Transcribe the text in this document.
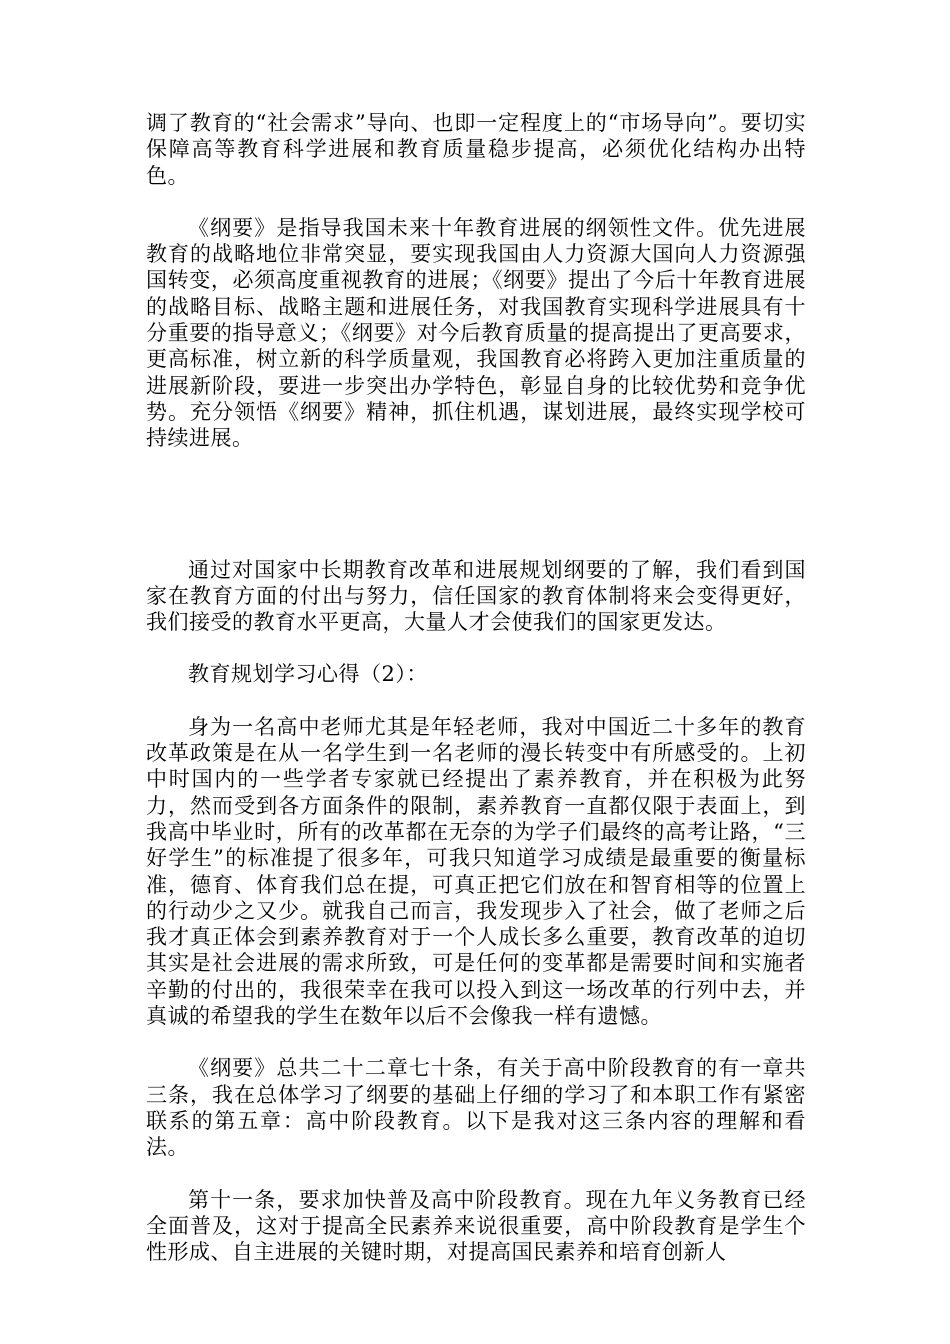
调了教育的“社会需求”导向、也即一定程度上的“市场导向”。要切实保障高等教育科学进展和教育质量稳步提高，必须优化结构办出特色。

《纲要》是指导我国未来十年教育进展的纲领性文件。优先进展教育的战略地位非常突显，要实现我国由人力资源大国向人力资源强国转变，必须高度重视教育的进展；《纲要》提出了今后十年教育进展的战略目标、战略主题和进展任务，对我国教育实现科学进展具有十分重要的指导意义；《纲要》对今后教育质量的提高提出了更高要求，更高标准，树立新的科学质量观，我国教育必将跨入更加注重质量的进展新阶段，要进一步突出办学特色，彰显自身的比较优势和竞争优势。充分领悟《纲要》精神，抓住机遇，谋划进展，最终实现学校可持续进展。

通过对国家中长期教育改革和进展规划纲要的了解，我们看到国家在教育方面的付出与努力，信任国家的教育体制将来会变得更好，我们接受的教育水平更高，大量人才会使我们的国家更发达。

教育规划学习心得（2）：

身为一名高中老师尤其是年轻老师，我对中国近二十多年的教育改革政策是在从一名学生到一名老师的漫长转变中有所感受的。上初中时国内的一些学者专家就已经提出了素养教育，并在积极为此努力，然而受到各方面条件的限制，素养教育一直都仅限于表面上，到我高中毕业时，所有的改革都在无奈的为学子们最终的高考让路，“三好学生”的标准提了很多年，可我只知道学习成绩是最重要的衡量标准，德育、体育我们总在提，可真正把它们放在和智育相等的位置上的行动少之又少。就我自己而言，我发现步入了社会，做了老师之后我才真正体会到素养教育对于一个人成长多么重要，教育改革的迫切其实是社会进展的需求所致，可是任何的变革都是需要时间和实施者辛勤的付出的，我很荣幸在我可以投入到这一场改革的行列中去，并真诚的希望我的学生在数年以后不会像我一样有遗憾。

《纲要》总共二十二章七十条，有关于高中阶段教育的有一章共三条，我在总体学习了纲要的基础上仔细的学习了和本职工作有紧密联系的第五章：高中阶段教育。以下是我对这三条内容的理解和看法。

第十一条，要求加快普及高中阶段教育。现在九年义务教育已经全面普及，这对于提高全民素养来说很重要，高中阶段教育是学生个性形成、自主进展的关键时期，对提高国民素养和培育创新人
